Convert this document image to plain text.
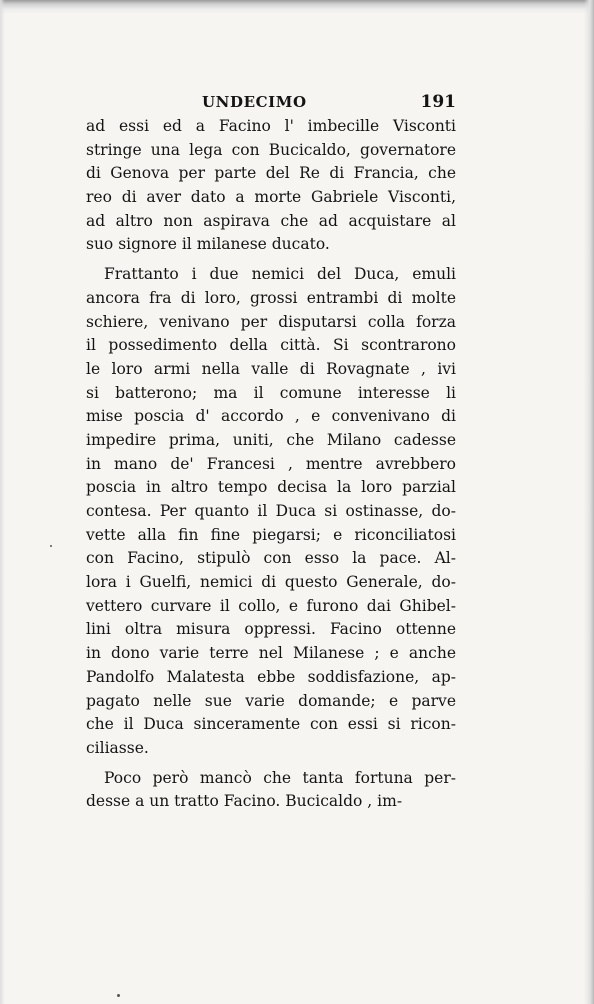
UNDECIMO	191
ad essi ed a Facino l' imbecille Visconti
stringe una lega con Bucicaldo, governatore
di Genova per parte del Re di Francia, che
reo di aver dato a morte Gabriele Visconti,
ad altro non aspirava che ad acquistare al
suo signore il milanese ducato.
Frattanto i due nemici del Duca, emuli
ancora fra di loro, grossi entrambi di molte
schiere, venivano per disputarsi colla forza
il possedimento della città. Si scontrarono
le loro armi nella valle di Rovagnate , ivi
si batterono; ma il comune interesse li
mise poscia d' accordo , e convenivano di
impedire prima, uniti, che Milano cadesse
in mano de' Francesi , mentre avrebbero
poscia in altro tempo decisa la loro parzial
contesa. Per quanto il Duca si ostinasse, do-
vette alla fin fine piegarsi; e riconciliatosi
con Facino, stipulò con esso la pace. Al-
lora i Guelfi, nemici di questo Generale, do-
vettero curvare il collo, e furono dai Ghibel-
lini oltra misura oppressi. Facino ottenne
in dono varie terre nel Milanese ; e anche
Pandolfo Malatesta ebbe soddisfazione, ap-
pagato nelle sue varie domande; e parve
che il Duca sinceramente con essi si ricon-
ciliasse.
Poco però mancò che tanta fortuna per-
desse a un tratto Facino. Bucicaldo , im-
